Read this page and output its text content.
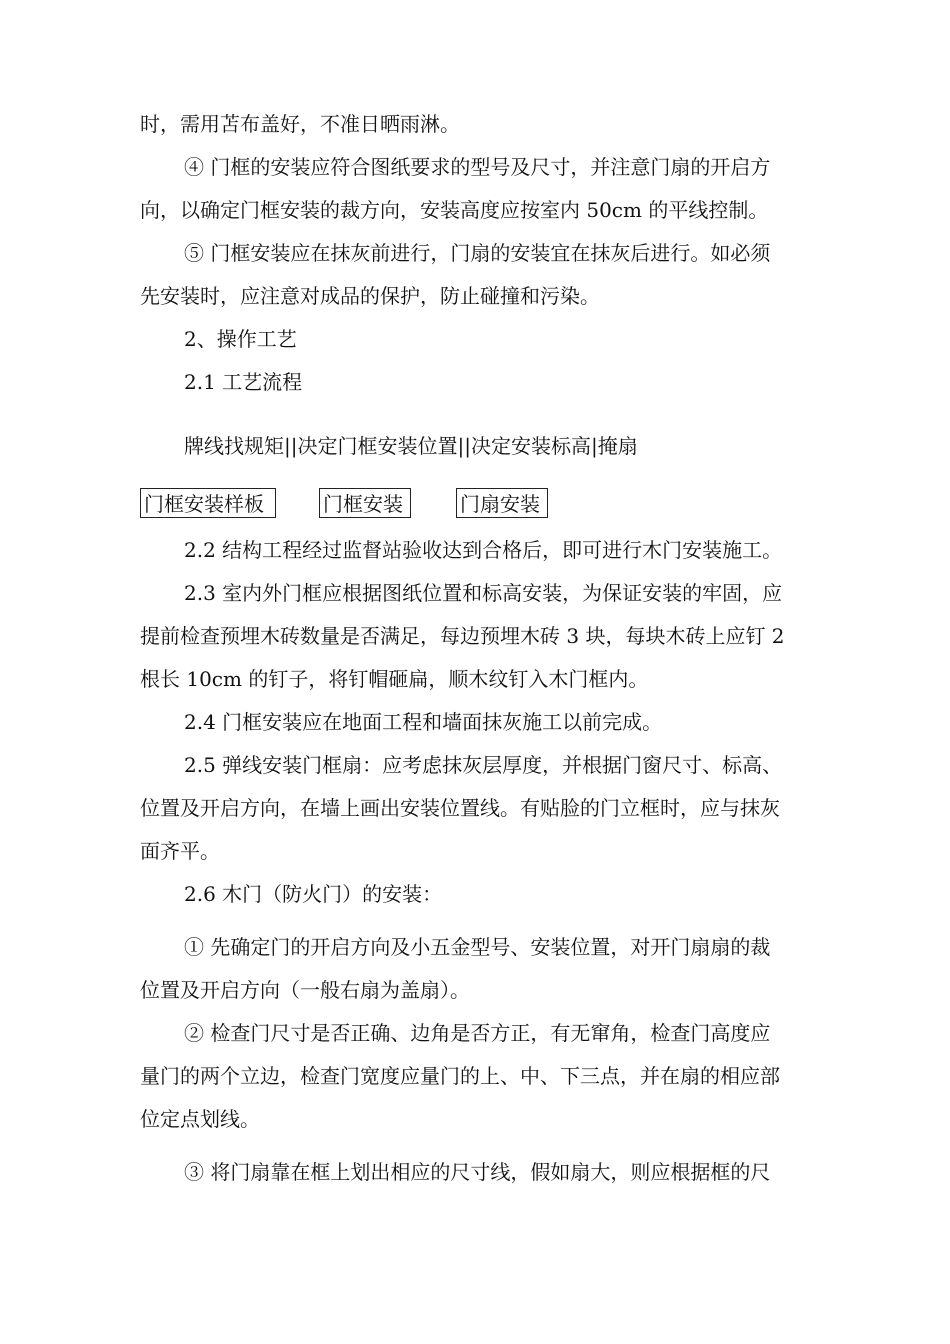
时，需用苫布盖好，不准日晒雨淋。
④ 门框的安装应符合图纸要求的型号及尺寸，并注意门扇的开启方
向，以确定门框安装的裁方向，安装高度应按室内 50cm 的平线控制。
⑤ 门框安装应在抹灰前进行，门扇的安装宜在抹灰后进行。如必须
先安装时，应注意对成品的保护，防止碰撞和污染。
2、操作工艺
2.1 工艺流程
牌线找规矩||决定门框安装位置||决定安装标高|掩扇
门框安装样板	门框安装	门扇安装
2.2 结构工程经过监督站验收达到合格后，即可进行木门安装施工。
2.3 室内外门框应根据图纸位置和标高安装，为保证安装的牢固，应
提前检查预埋木砖数量是否满足，每边预埋木砖 3 块，每块木砖上应钉 2
根长 10cm 的钉子，将钉帽砸扁，顺木纹钉入木门框内。
2.4 门框安装应在地面工程和墙面抹灰施工以前完成。
2.5 弹线安装门框扇：应考虑抹灰层厚度，并根据门窗尺寸、标高、
位置及开启方向，在墙上画出安装位置线。有贴脸的门立框时，应与抹灰
面齐平。
2.6 木门（防火门）的安装：
① 先确定门的开启方向及小五金型号、安装位置，对开门扇扇的裁
位置及开启方向（一般右扇为盖扇）。
② 检查门尺寸是否正确、边角是否方正，有无窜角，检查门高度应
量门的两个立边，检查门宽度应量门的上、中、下三点，并在扇的相应部
位定点划线。
③ 将门扇靠在框上划出相应的尺寸线，假如扇大，则应根据框的尺
